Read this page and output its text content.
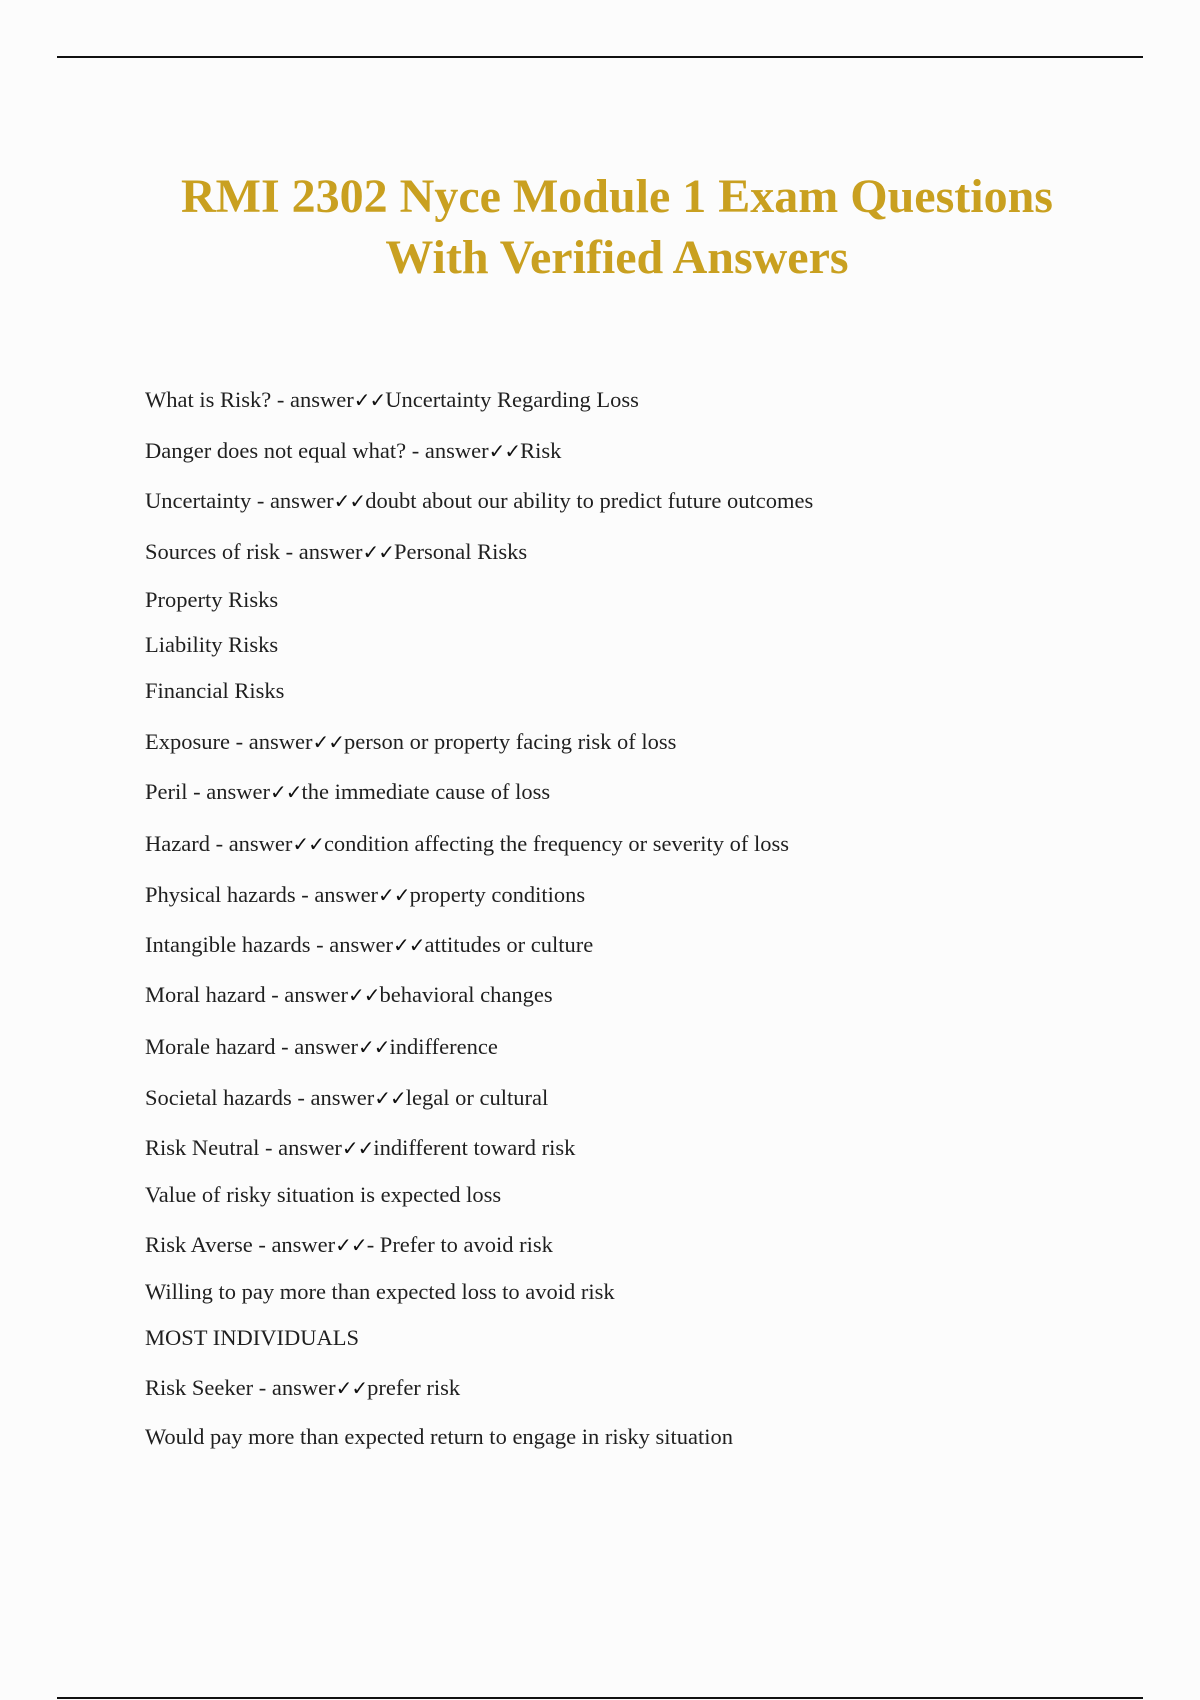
RMI 2302 Nyce Module 1 Exam Questions
With Verified Answers
What is Risk? - answer✓✓Uncertainty Regarding Loss
Danger does not equal what? - answer✓✓Risk
Uncertainty - answer✓✓doubt about our ability to predict future outcomes
Sources of risk - answer✓✓Personal Risks
Property Risks
Liability Risks
Financial Risks
Exposure - answer✓✓person or property facing risk of loss
Peril - answer✓✓the immediate cause of loss
Hazard - answer✓✓condition affecting the frequency or severity of loss
Physical hazards - answer✓✓property conditions
Intangible hazards - answer✓✓attitudes or culture
Moral hazard - answer✓✓behavioral changes
Morale hazard - answer✓✓indifference
Societal hazards - answer✓✓legal or cultural
Risk Neutral - answer✓✓indifferent toward risk
Value of risky situation is expected loss
Risk Averse - answer✓✓- Prefer to avoid risk
Willing to pay more than expected loss to avoid risk
MOST INDIVIDUALS
Risk Seeker - answer✓✓prefer risk
Would pay more than expected return to engage in risky situation
